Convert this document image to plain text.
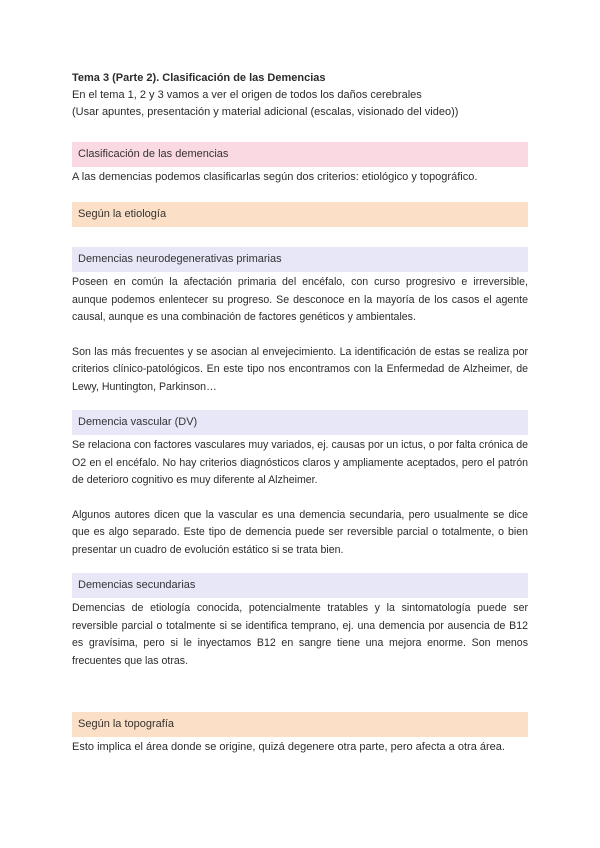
Tema 3 (Parte 2). Clasificación de las Demencias

En el tema 1, 2 y 3 vamos a ver el origen de todos los daños cerebrales

(Usar apuntes, presentación y material adicional (escalas, visionado del video))

Clasificación de las demencias

A las demencias podemos clasificarlas según dos criterios: etiológico y topográfico.

Según la etiología
Demencias neurodegenerativas primarias

Poseen en común la afectación primaria del encéfalo, con curso progresivo e irreversible, aunque podemos enlentecer su progreso. Se desconoce en la mayoría de los casos el agente causal, aunque es una combinación de factores genéticos y ambientales.

Son las más frecuentes y se asocian al envejecimiento. La identificación de estas se realiza por criterios clínico-patológicos. En este tipo nos encontramos con la Enfermedad de Alzheimer, de Lewy, Huntington, Parkinson…

Demencia vascular (DV)

Se relaciona con factores vasculares muy variados, ej. causas por un ictus, o por falta crónica de O2 en el encéfalo. No hay criterios diagnósticos claros y ampliamente aceptados, pero el patrón de deterioro cognitivo es muy diferente al Alzheimer.

Algunos autores dicen que la vascular es una demencia secundaria, pero usualmente se dice que es algo separado. Este tipo de demencia puede ser reversible parcial o totalmente, o bien presentar un cuadro de evolución estático si se trata bien.

Demencias secundarias

Demencias de etiología conocida, potencialmente tratables y la sintomatología puede ser reversible parcial o totalmente si se identifica temprano, ej. una demencia por ausencia de B12 es gravísima, pero si le inyectamos B12 en sangre tiene una mejora enorme. Son menos frecuentes que las otras.

Según la topografía

Esto implica el área donde se origine, quizá degenere otra parte, pero afecta a otra área.
